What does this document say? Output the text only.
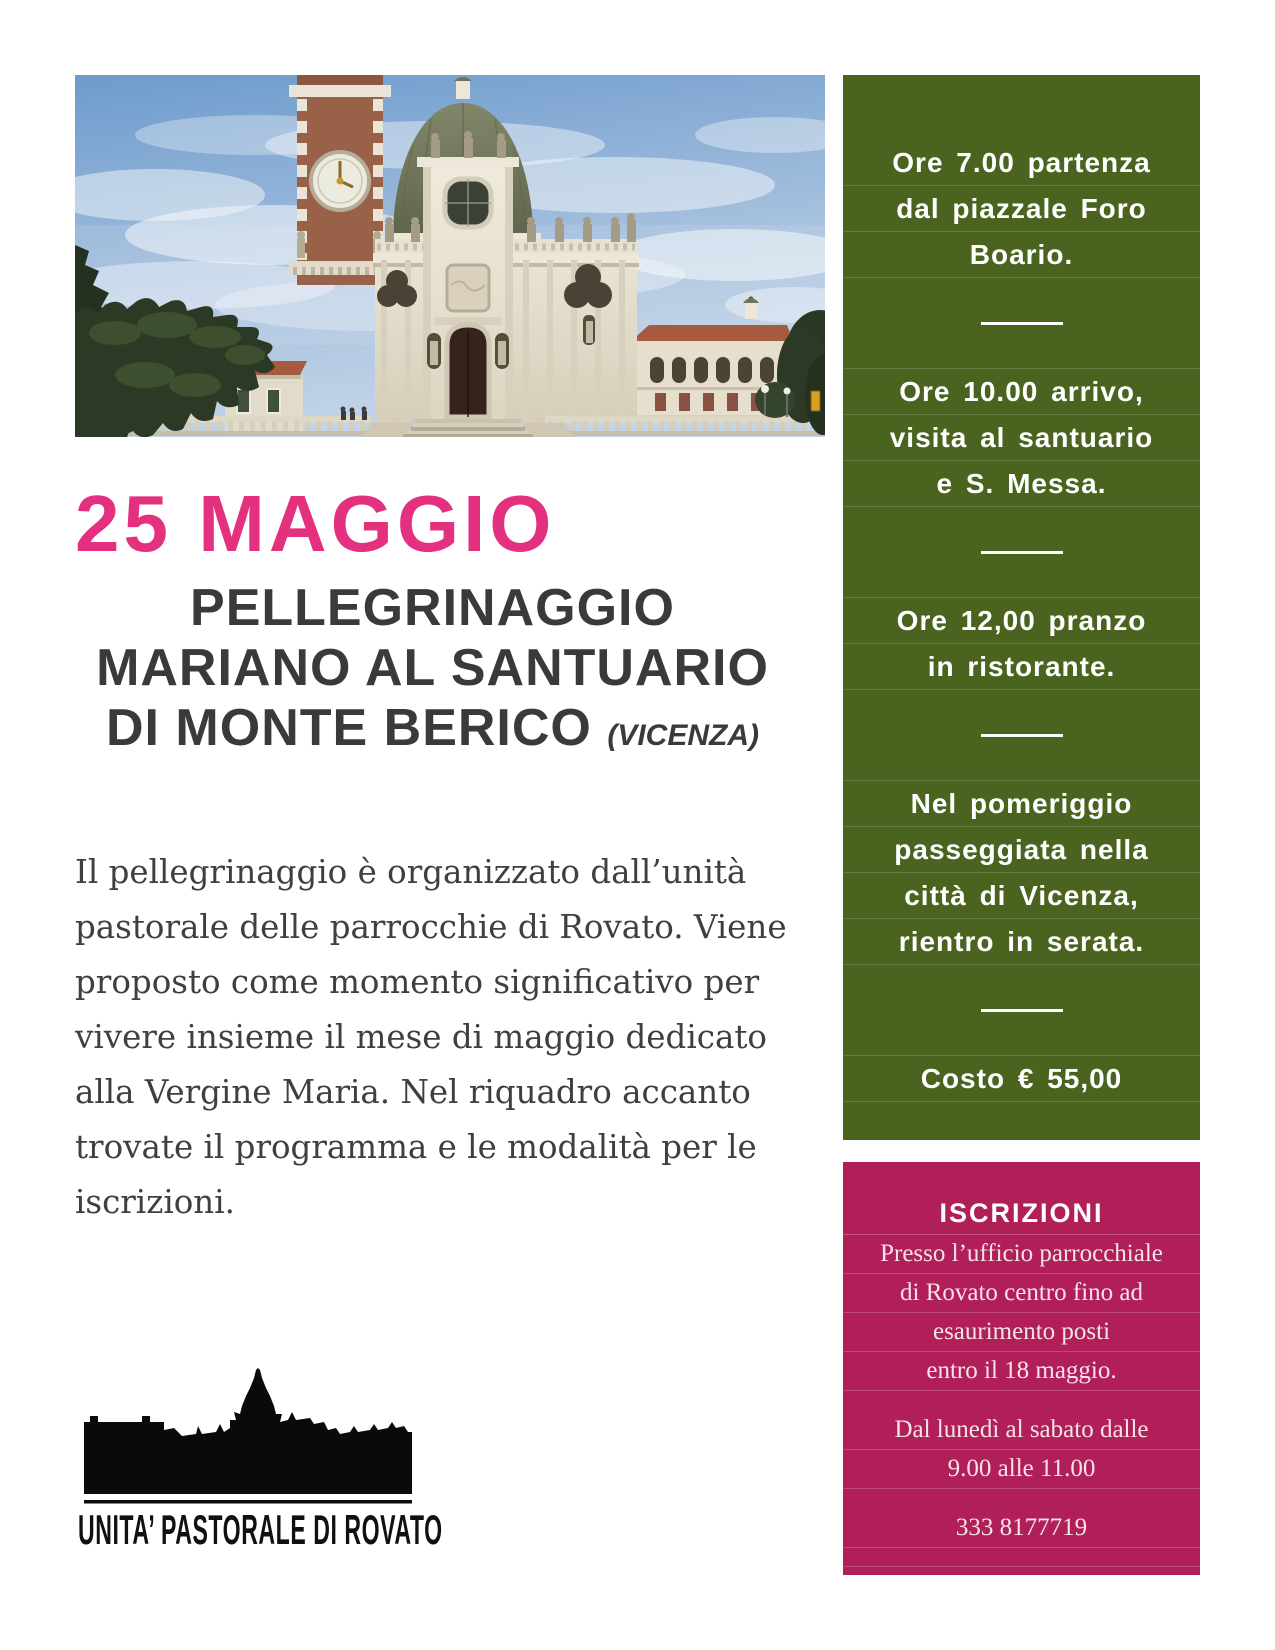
Ore 7.00 partenza
dal piazzale Foro
Boario.
Ore 10.00 arrivo,
visita al santuario
e S. Messa.
Ore 12,00 pranzo
in ristorante.
Nel pomeriggio
passeggiata nella
città di Vicenza,
rientro in serata.
Costo € 55,00
ISCRIZIONI
Presso l’ufficio parrocchiale
di Rovato centro fino ad
esaurimento posti
entro il 18 maggio.
Dal lunedì al sabato dalle
9.00 alle 11.00
333 8177719
25 MAGGIO
PELLEGRINAGGIO
MARIANO AL SANTUARIO
DI MONTE BERICO (VICENZA)

Il pellegrinaggio è organizzato dall’unità pastorale delle parrocchie di Rovato. Viene proposto come momento significativo per vivere insieme il mese di maggio dedicato alla Vergine Maria. Nel riquadro accanto trovate il programma e le modalità per le iscrizioni.

UNITA’ PASTORALE DI ROVATO
